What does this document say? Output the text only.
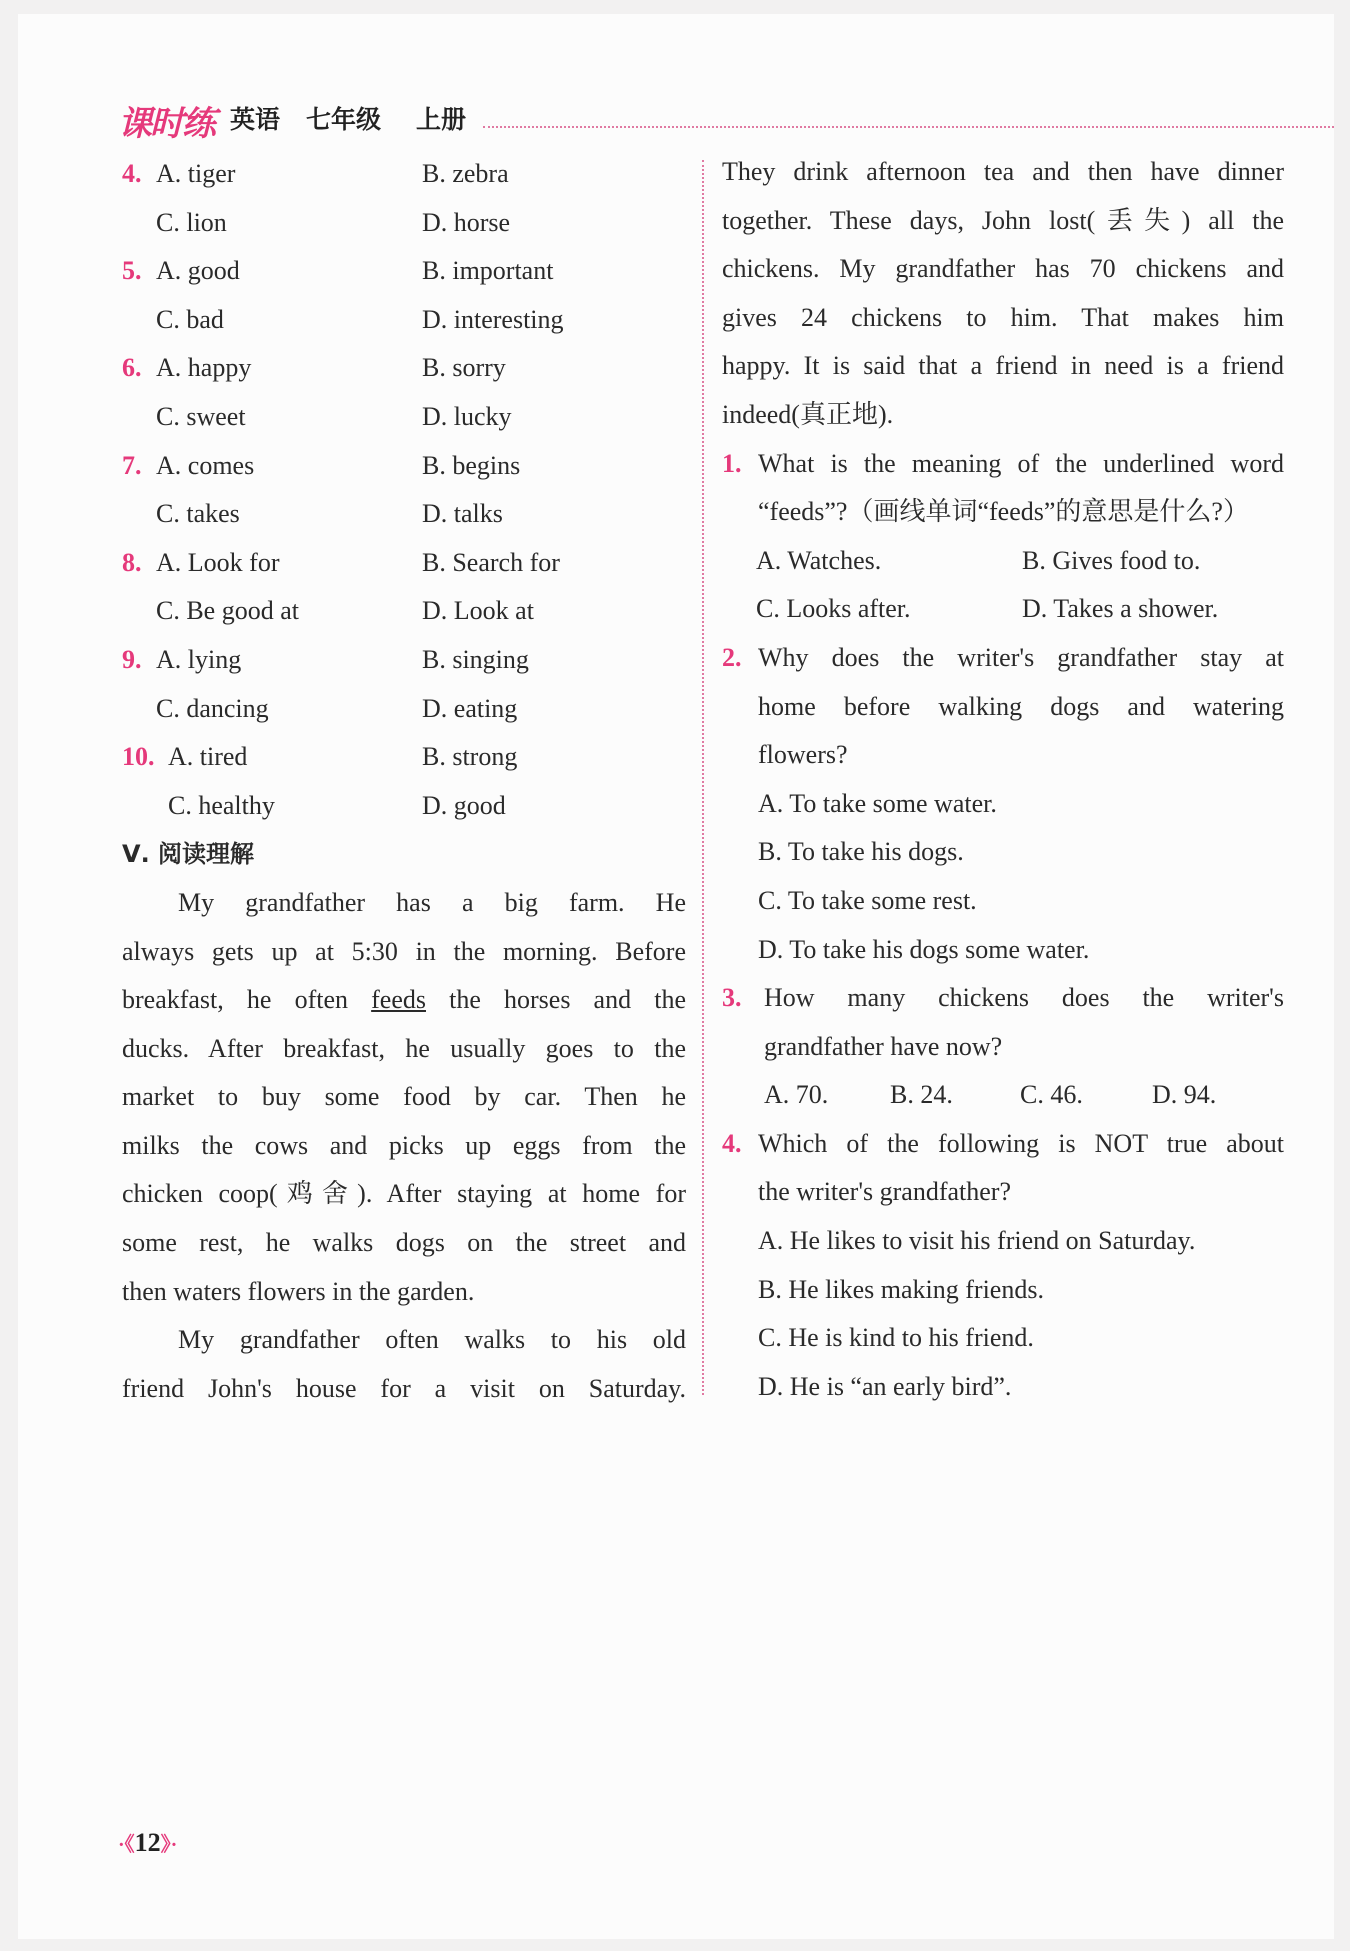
课时练 英语 七年级 上册
4. A. tiger	B. zebra
C. lion	D. horse
5. A. good	B. important
C. bad	D. interesting
6. A. happy	B. sorry
C. sweet	D. lucky
7. A. comes	B. begins
C. takes	D. talks
8. A. Look for	B. Search for
C. Be good at	D. Look at
9. A. lying	B. singing
C. dancing	D. eating
10. A. tired	B. strong
C. healthy	D. good
Ⅴ. 阅读理解
My grandfather has a big farm. He
always gets up at 5:30 in the morning. Before
breakfast, he often feeds the horses and the
ducks. After breakfast, he usually goes to the
market to buy some food by car. Then he
milks the cows and picks up eggs from the
chicken coop(鸡舍). After staying at home for
some rest, he walks dogs on the street and
then waters flowers in the garden.
My grandfather often walks to his old
friend John's house for a visit on Saturday.
They drink afternoon tea and then have dinner
together. These days, John lost(丢失) all the
chickens. My grandfather has 70 chickens and
gives 24 chickens to him. That makes him
happy. It is said that a friend in need is a friend
indeed(真正地).
1. What is the meaning of the underlined word
“feeds”?（画线单词“feeds”的意思是什么?）
A. Watches.	B. Gives food to.
C. Looks after.	D. Takes a shower.
2. Why does the writer's grandfather stay at
home before walking dogs and watering
flowers?
A. To take some water.
B. To take his dogs.
C. To take some rest.
D. To take his dogs some water.
3. How many chickens does the writer's
grandfather have now?
A. 70. B. 24.	C. 46.	D. 94.
4. Which of the following is NOT true about
the writer's grandfather?
A. He likes to visit his friend on Saturday.
B. He likes making friends.
C. He is kind to his friend.
D. He is “an early bird”.
·《12》·
